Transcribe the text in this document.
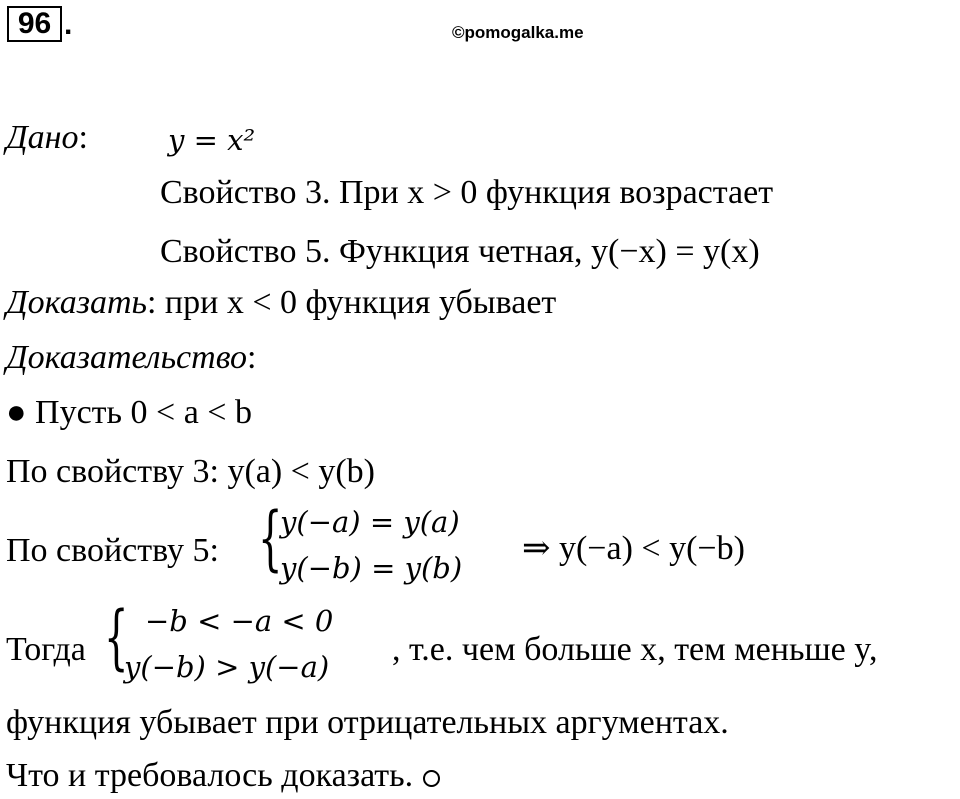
96 .	©pomogalka.me
Дано:	y = x²
Свойство 3. При x > 0 функция возрастает
Свойство 5. Функция четная, y(−x) = y(x)
Доказать: при x < 0 функция убывает
Доказательство:
● Пусть 0 < a < b
По свойству 3: y(a) < y(b)
По свойству 5: {
y(−a) = y(a)
y(−b) = y(b)
⇒ y(−a) < y(−b)
Тогда { −b < −a < 0
y(−b) > y(−a) , т.е. чем больше x, тем меньше y,
функция убывает при отрицательных аргументах.
Что и требовалось доказать.
